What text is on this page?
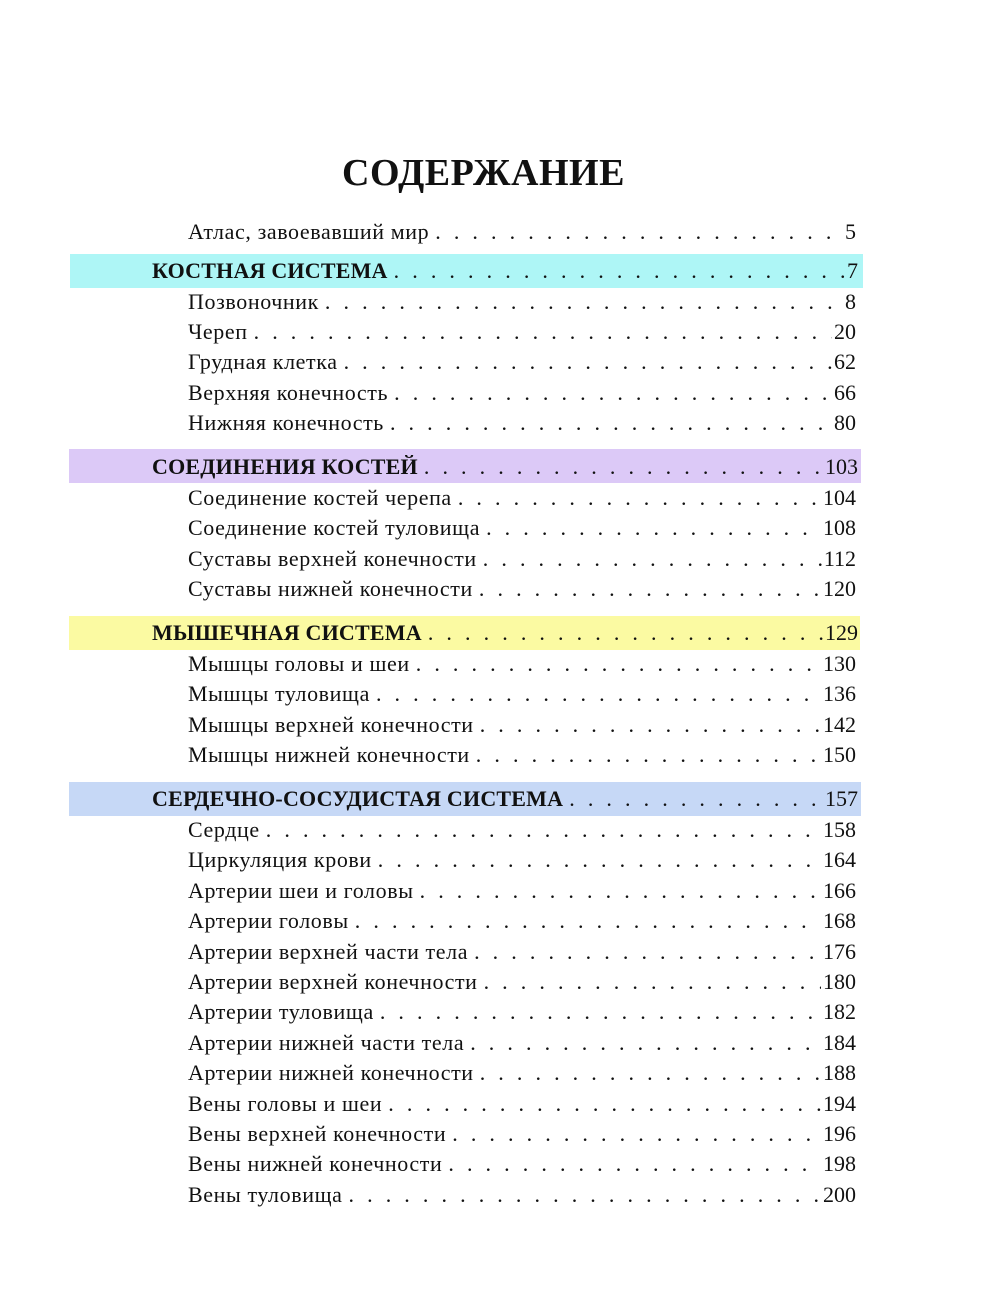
СОДЕРЖАНИЕ
Атлас, завоевавший мир . . .	5
КОСТНАЯ СИСТЕМА . . .	7
Позвоночник . . .	8
Череп . . .	20
Грудная клетка . . .	62
Верхняя конечность . . .	66
Нижняя конечность . . .	80
СОЕДИНЕНИЯ КОСТЕЙ . . .	103
Соединение костей черепа . . .	104
Соединение костей туловища . . .	108
Суставы верхней конечности . . .	112
Суставы нижней конечности . . .	120
МЫШЕЧНАЯ СИСТЕМА . . .	129
Мышцы головы и шеи . . .	130
Мышцы туловища . . .	136
Мышцы верхней конечности . . .	142
Мышцы нижней конечности . . .	150
СЕРДЕЧНО-СОСУДИСТАЯ СИСТЕМА . . .	157
Сердце . . .	158
Циркуляция крови . . .	164
Артерии шеи и головы . . .	166
Артерии головы . . .	168
Артерии верхней части тела . . .	176
Артерии верхней конечности . . .	180
Артерии туловища . . .	182
Артерии нижней части тела . . .	184
Артерии нижней конечности . . .	188
Вены головы и шеи . . .	194
Вены верхней конечности . . .	196
Вены нижней конечности . . .	198
Вены туловища . . .	200
